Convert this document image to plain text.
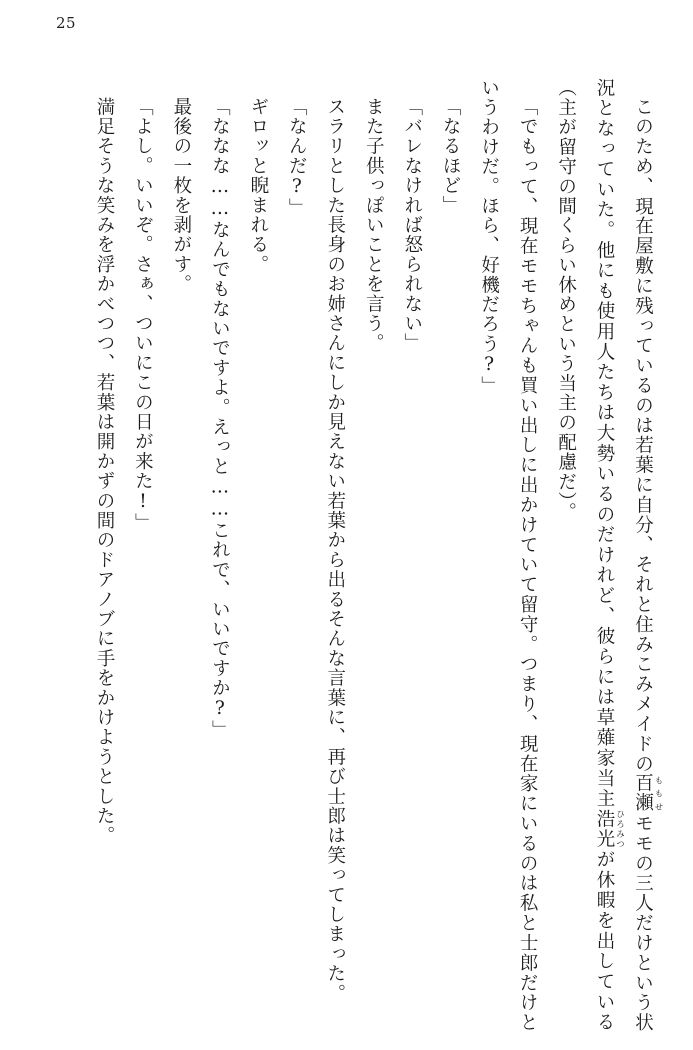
25

このため、現在屋敷に残っているのは若葉に自分、それと住みこみメイドの百瀬 ももせモモの三人だけという状況となっていた。他にも使用人たちは大勢いるのだけれど、彼らには草薙家当主浩光 ひろみつが休暇を出している（主が留守の間くらい休めという当主の配慮だ）。

「でもって、現在モモちゃんも買い出しに出かけていて留守。つまり、現在家にいるのは私と士郎だけというわけだ。ほら、好機だろう?」

「なるほど」

「バレなければ怒られない」

また子供っぽいことを言う。

スラリとした長身のお姉さんにしか見えない若葉から出るそんな言葉に、再び士郎は笑ってしまった。

「なんだ?」

ギロッと睨まれる。

「ななな……なんでもないですよ。えっと……これで、いいですか?」

最後の一枚を剥がす。

「よし。いいぞ。さぁ、ついにこの日が来た!」

満足そうな笑みを浮かべつつ、若葉は開かずの間のドアノブに手をかけようとした。
